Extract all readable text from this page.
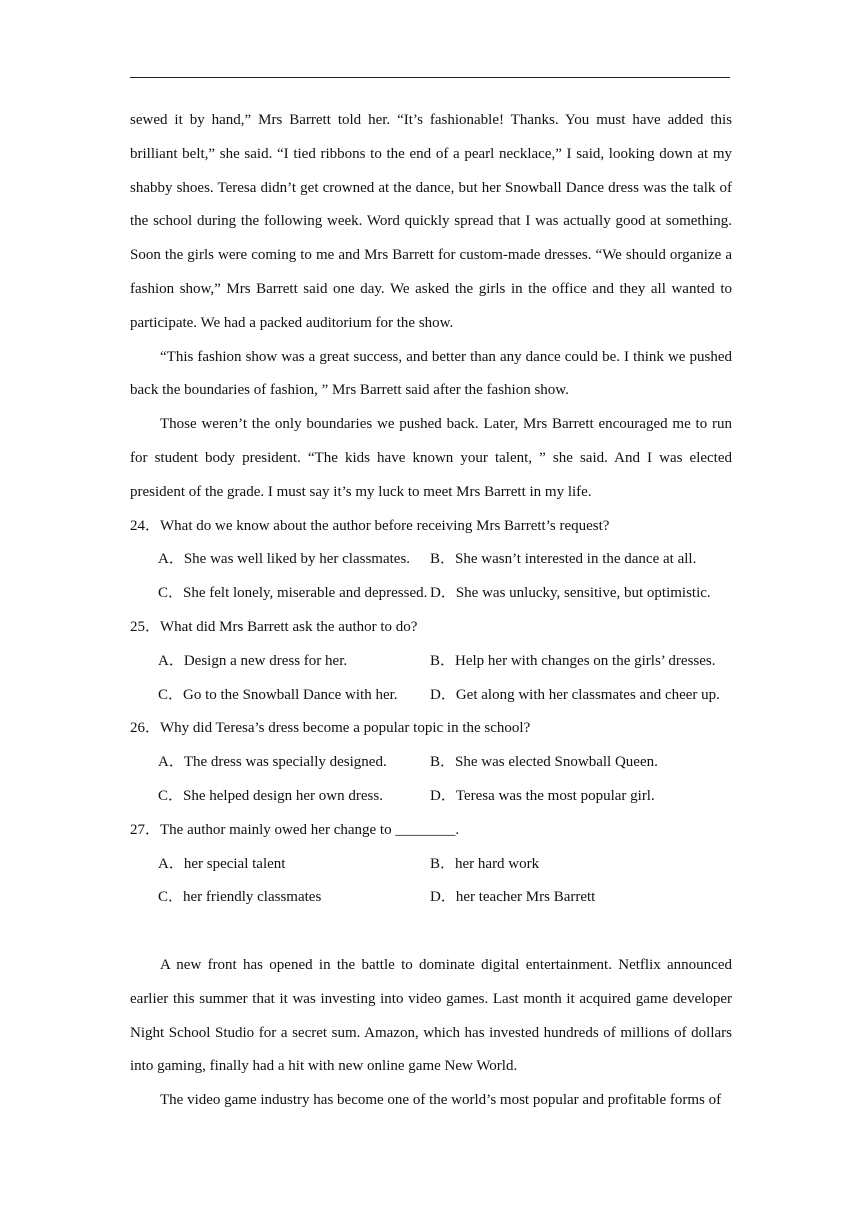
sewed it by hand,” Mrs Barrett told her. “It’s fashionable! Thanks. You must have added this brilliant belt,” she said. “I tied ribbons to the end of a pearl necklace,” I said, looking down at my shabby shoes. Teresa didn’t get crowned at the dance, but her Snowball Dance dress was the talk of the school during the following week. Word quickly spread that I was actually good at something. Soon the girls were coming to me and Mrs Barrett for custom-made dresses. “We should organize a fashion show,” Mrs Barrett said one day. We asked the girls in the office and they all wanted to participate. We had a packed auditorium for the show.

“This fashion show was a great success, and better than any dance could be. I think we pushed back the boundaries of fashion, ” Mrs Barrett said after the fashion show.

Those weren’t the only boundaries we pushed back. Later, Mrs Barrett encouraged me to run for student body president. “The kids have known your talent, ” she said. And I was elected president of the grade. I must say it’s my luck to meet Mrs Barrett in my life.

24．What do we know about the author before receiving Mrs Barrett’s request?

A．She was well liked by her classmates.	B．She wasn’t interested in the dance at all.
C．She felt lonely, miserable and depressed. D．She was unlucky, sensitive, but optimistic.

25．What did Mrs Barrett ask the author to do?

A．Design a new dress for her.	B．Help her with changes on the girls’ dresses.
C．Go to the Snowball Dance with her.	D．Get along with her classmates and cheer up.

26．Why did Teresa’s dress become a popular topic in the school?

A．The dress was specially designed.	B．She was elected Snowball Queen.
C．She helped design her own dress.	D．Teresa was the most popular girl.

27．The author mainly owed her change to ________.

A．her special talent	B．her hard work
C．her friendly classmates	D．her teacher Mrs Barrett

A new front has opened in the battle to dominate digital entertainment. Netflix announced earlier this summer that it was investing into video games. Last month it acquired game developer Night School Studio for a secret sum. Amazon, which has invested hundreds of millions of dollars into gaming, finally had a hit with new online game New World.

The video game industry has become one of the world’s most popular and profitable forms of
